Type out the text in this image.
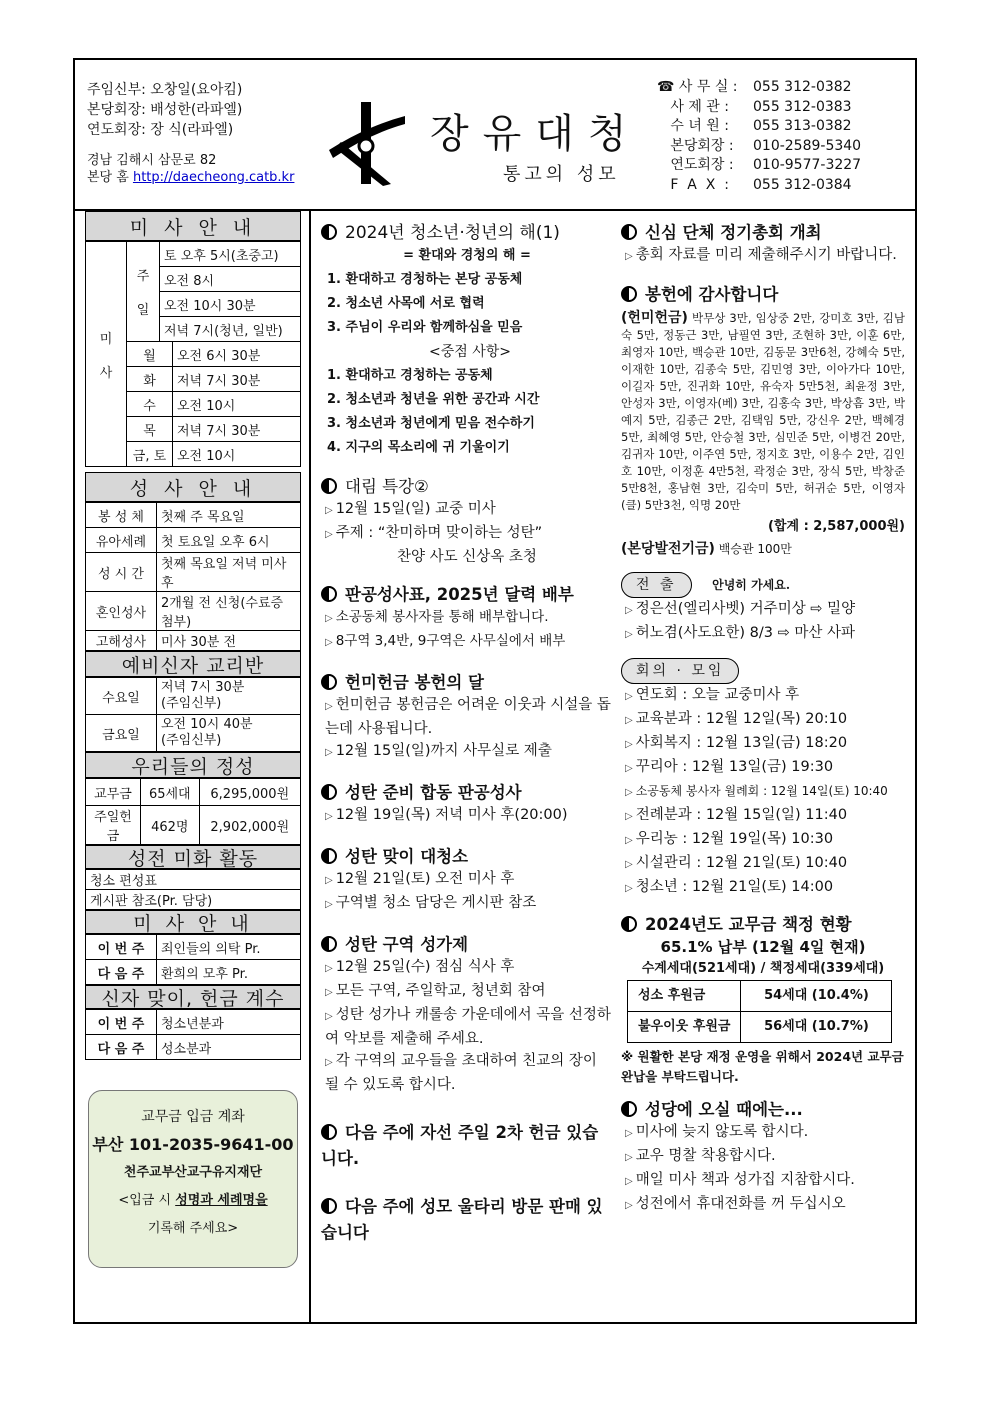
주임신부: 오창일(요아킴)
본당회장: 배성한(라파엘)
연도회장: 장 식(라파엘)
경남 김해시 삼문로 82
본당 홈 http://daecheong.catb.kr
장유대청
통고의 성모
☎ 사 무 실 :	055 312-0382
사 제 관 :	055 312-0383
수 녀 원 :	055 313-0382
본당회장 :	010-2589-5340
연도회장 :	010-9577-3227
F  A  X  :	055 312-0384
미 사 안 내
미

사	주

일	토 오후 5시(초중고)	
		오전 8시	
		오전 10시 30분	
		저녁 7시(청년, 일반)	
	월		오전 6시 30분
	화		저녁 7시 30분
	수		오전 10시
	목		저녁 7시 30분
	금, 토		오전 10시
성 사 안 내
봉 성 체	첫째 주 목요일
유아세례	첫 토요일 오후 6시
성 시 간	첫째 목요일 저녁 미사 후
혼인성사	2개월 전 신청(수료증 첨부)
고해성사	미사 30분 전
예비신자 교리반
수요일	저녁 7시 30분
(주임신부)

금요일	오전 10시 40분
(주임신부)
우리들의 정성
교무금	65세대	6,295,000원
주일헌금	462명	2,902,000원
성전 미화 활동
청소 편성표
게시판 참조(Pr. 담당)
미 사 안 내
이 번 주	죄인들의 의탁 Pr.
다 음 주	환희의 모후 Pr.
신자 맞이, 헌금 계수
이 번 주	청소년분과
다 음 주	성소분과
교무금 입금 계좌
부산 101-2035-9641-00
천주교부산교구유지재단
<입금 시 성명과 세례명을
기록해 주세요>

2024년 청소년·청년의 해(1)

= 환대와 경청의 해 =
1. 환대하고 경청하는 본당 공동체
2. 청소년 사목에 서로 협력
3. 주님이 우리와 함께하심을 믿음
<중점 사항>
1. 환대하고 경청하는 공동체
2. 청소년과 청년을 위한 공간과 시간
3. 청소년과 청년에게 믿음 전수하기
4. 지구의 목소리에 귀 기울이기

대림 특강②

▷ 12월 15일(일) 교중 미사
▷ 주제 : “찬미하며 맞이하는 성탄”
찬양 사도 신상옥 초청

판공성사표, 2025년 달력 배부

▷ 소공동체 봉사자를 통해 배부합니다.
▷ 8구역 3,4반, 9구역은 사무실에서 배부

헌미헌금 봉헌의 달

▷ 헌미헌금 봉헌금은 어려운 이웃과 시설을 돕는데 사용됩니다.
▷ 12월 15일(일)까지 사무실로 제출

성탄 준비 합동 판공성사

▷ 12월 19일(목) 저녁 미사 후(20:00)

성탄 맞이 대청소

▷ 12월 21일(토) 오전 미사 후
▷ 구역별 청소 담당은 게시판 참조

성탄 구역 성가제

▷ 12월 25일(수) 점심 식사 후
▷ 모든 구역, 주일학교, 청년회 참여
▷ 성탄 성가나 캐롤송 가운데에서 곡을 선정하여 악보를 제출해 주세요.
▷ 각 구역의 교우들을 초대하여 친교의 장이 될 수 있도록 합시다.

다음 주에 자선 주일 2차 헌금 있습니다.

다음 주에 성모 울타리 방문 판매 있습니다

신심 단체 정기총회 개최

▷ 총회 자료를 미리 제출해주시기 바랍니다.

봉헌에 감사합니다

(헌미헌금) 박무상 3만, 임상중 2만, 강미호 3만, 김남숙 5만, 정동근 3만, 남필연 3만, 조현하 3만, 이훈 6만, 최영자 10만, 백승관 10만, 김동문 3만6천, 강혜숙 5만, 이재한 10만, 김종숙 5만, 김민영 3만, 이아가다 10만, 이길자 5만, 진귀화 10만, 유숙자 5만5천, 최윤정 3만, 안성자 3만, 이영자(베) 3만, 김홍숙 3만, 박상흠 3만, 박예지 5만, 김종근 2만, 김택임 5만, 강신우 2만, 백혜경 5만, 최혜영 5만, 안승철 3만, 심민준 5만, 이병건 20만, 김귀자 10만, 이주연 5만, 정지호 3만, 이용수 2만, 김인호 10만, 이정훈 4만5천, 곽정순 3만, 장식 5만, 박창준 5만8천, 홍남현 3만, 김숙미 5만, 허귀순 5만, 이영자(클) 5만3천, 익명 20만
(합계 : 2,587,000원)
(본당발전기금) 백승관 100만
전 출	안녕히 가세요.
▷ 정은선(엘리사벳) 거주미상 ⇨ 밀양
▷ 허노겸(사도요한) 8/3 ⇨ 마산 사파
회의 · 모임
▷ 연도회 : 오늘 교중미사 후
▷ 교육분과 : 12월 12일(목) 20:10
▷ 사회복지 : 12월 13일(금) 18:20
▷ 꾸리아 : 12월 13일(금) 19:30
▷ 소공동체 봉사자 월례회 : 12월 14일(토) 10:40
▷ 전례분과 : 12월 15일(일) 11:40
▷ 우리농 : 12월 19일(목) 10:30
▷ 시설관리 : 12월 21일(토) 10:40
▷ 청소년 : 12월 21일(토) 14:00

2024년도 교무금 책정 현황

65.1% 납부 (12월 4일 현재)
수계세대(521세대) / 책정세대(339세대)
성소 후원금	54세대 (10.4%)
불우이웃 후원금	56세대 (10.7%)
※ 원활한 본당 재정 운영을 위해서 2024년 교무금 완납을 부탁드립니다.

성당에 오실 때에는...

▷ 미사에 늦지 않도록 합시다.
▷ 교우 명찰 착용합시다.
▷ 매일 미사 책과 성가집 지참합시다.
▷ 성전에서 휴대전화를 꺼 두십시오
